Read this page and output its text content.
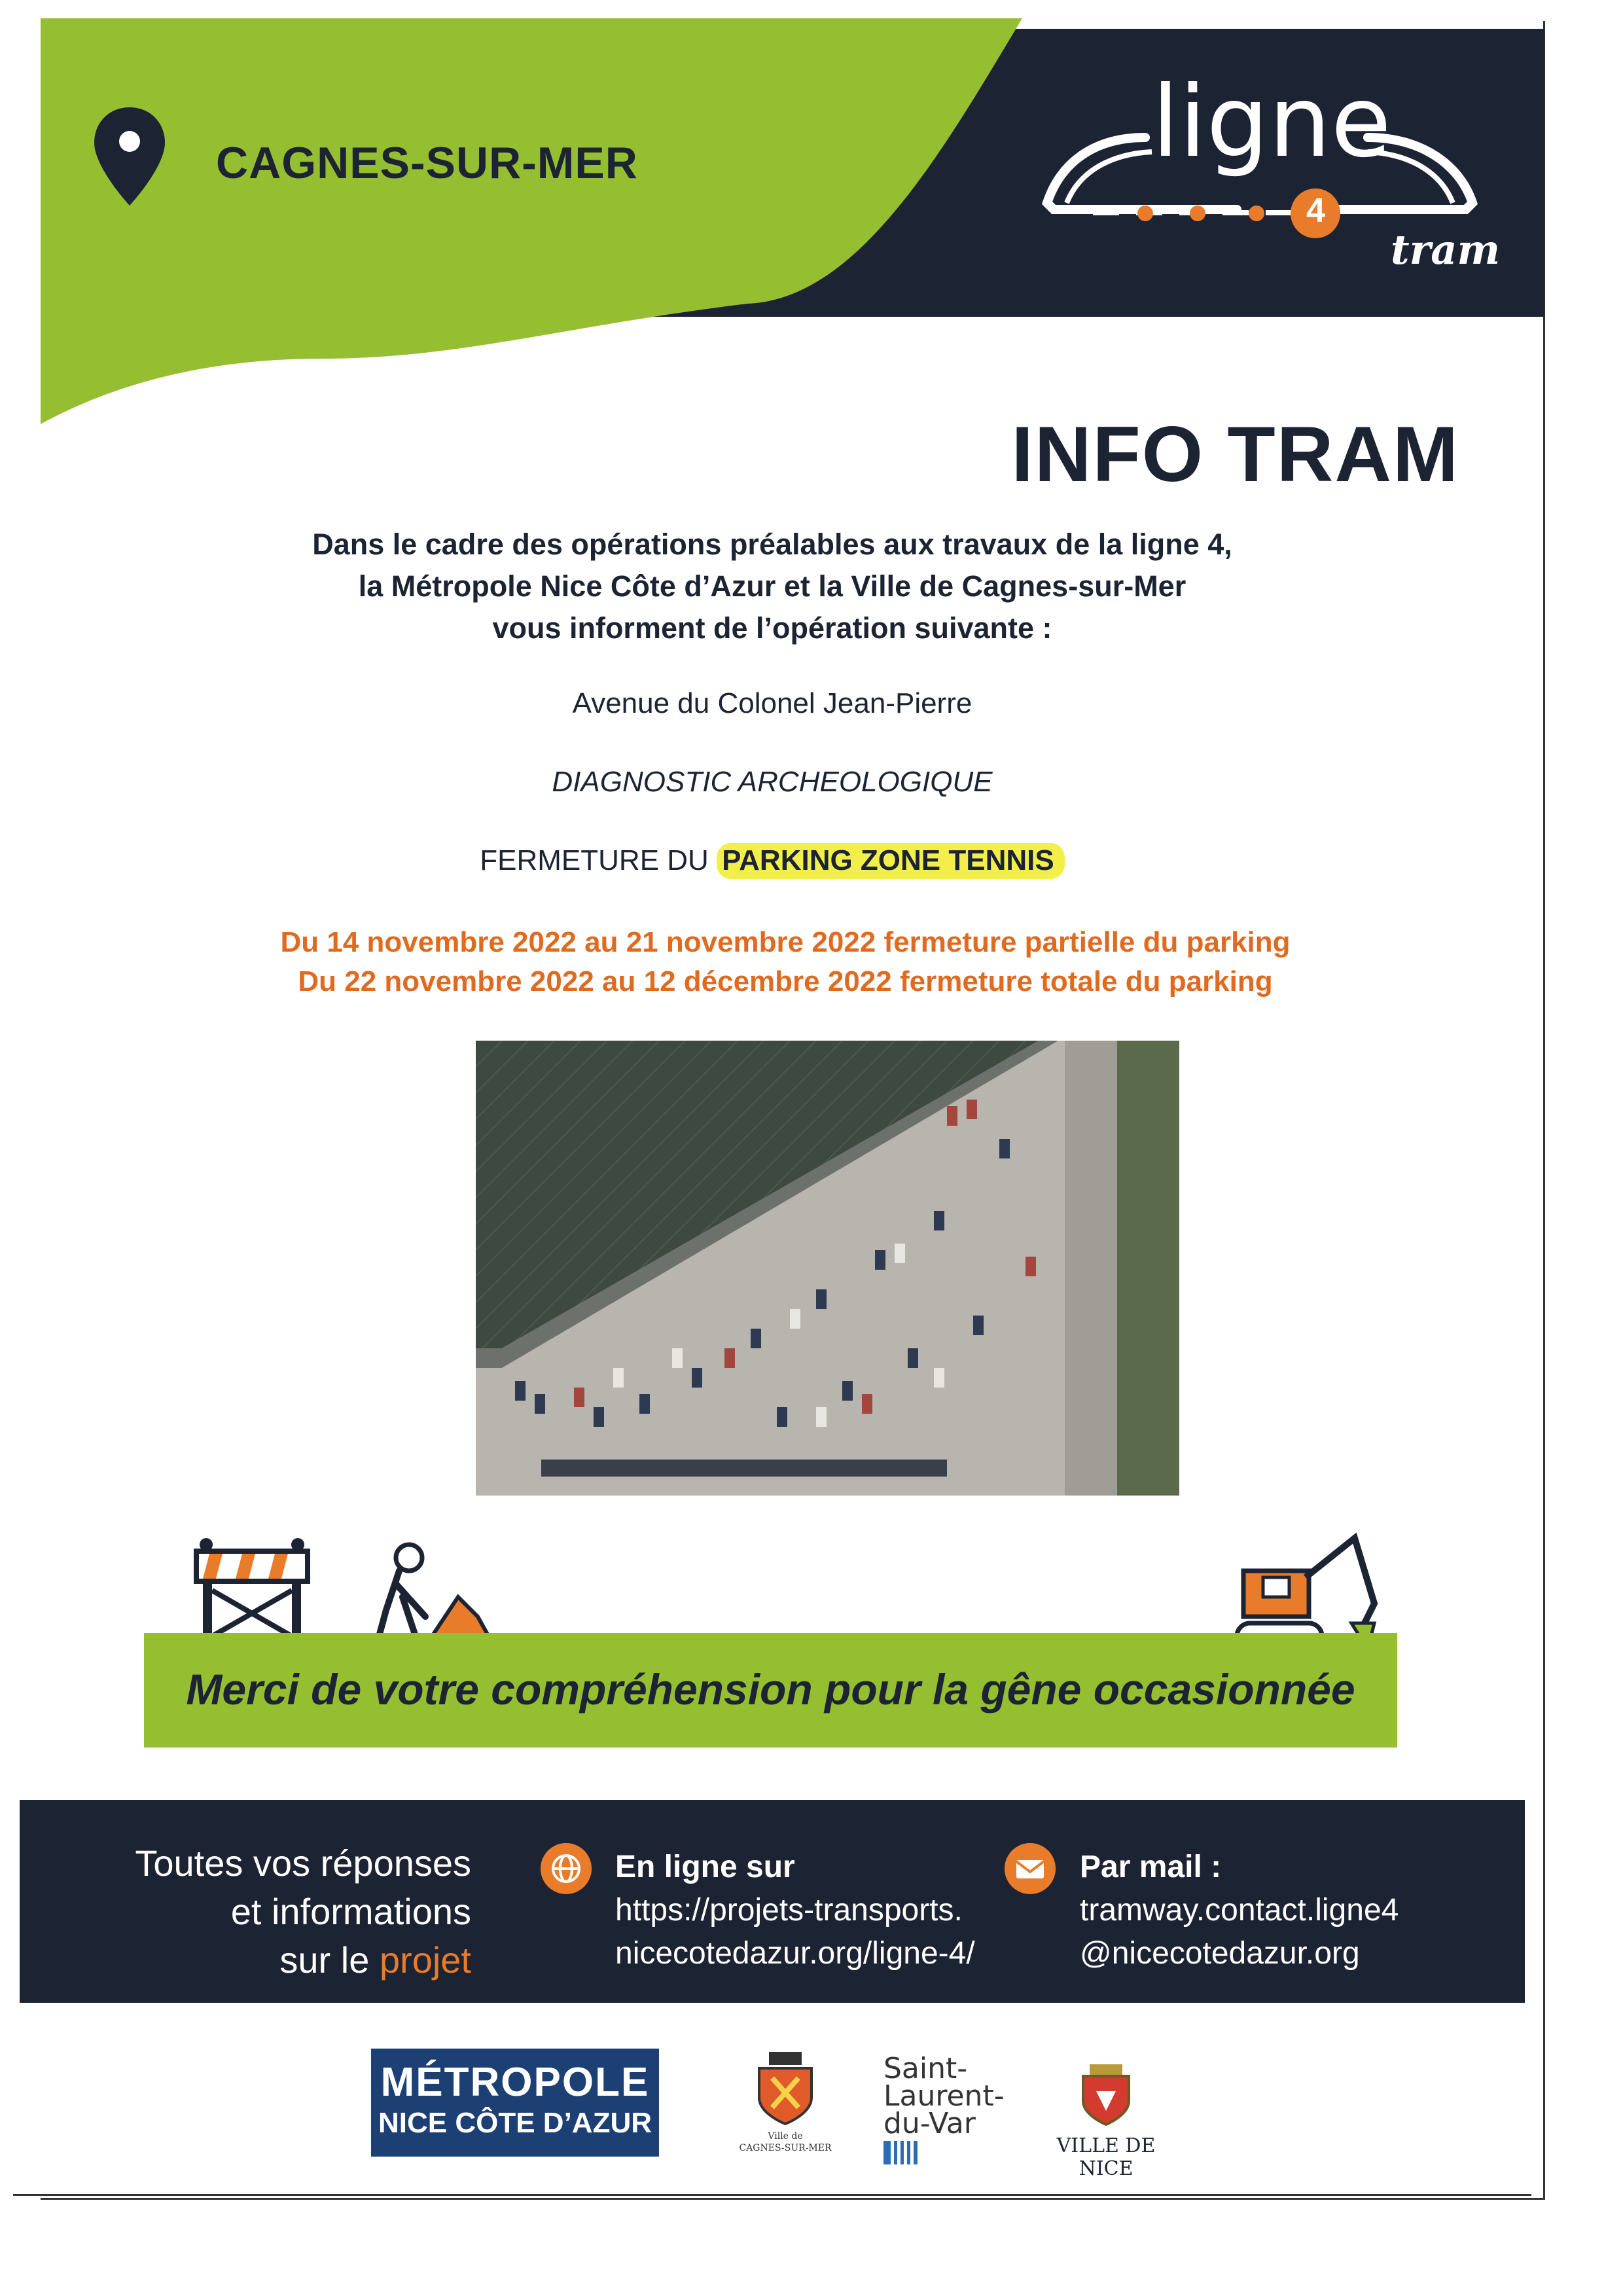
CAGNES-SUR-MER	ligne
4
tram
INFO TRAM
Dans le cadre des opérations préalables aux travaux de la ligne 4,
la Métropole Nice Côte d’Azur et la Ville de Cagnes-sur-Mer
vous informent de l’opération suivante :
Avenue du Colonel Jean-Pierre
DIAGNOSTIC ARCHEOLOGIQUE
FERMETURE DU PARKING ZONE TENNIS
Du 14 novembre 2022 au 21 novembre 2022 fermeture partielle du parking
Du 22 novembre 2022 au 12 décembre 2022 fermeture totale du parking
Merci de votre compréhension pour la gêne occasionnée
Toutes vos réponses
et informations
sur le projet
En ligne sur
https://projets-transports.
nicecotedazur.org/ligne-4/
Par mail :
tramway.contact.ligne4
@nicecotedazur.org
MÉTROPOLE
NICE CÔTE D’AZUR	Ville de
CAGNES-SUR-MER
Saint-
Laurent-
du-Var
VILLE DE NICE
